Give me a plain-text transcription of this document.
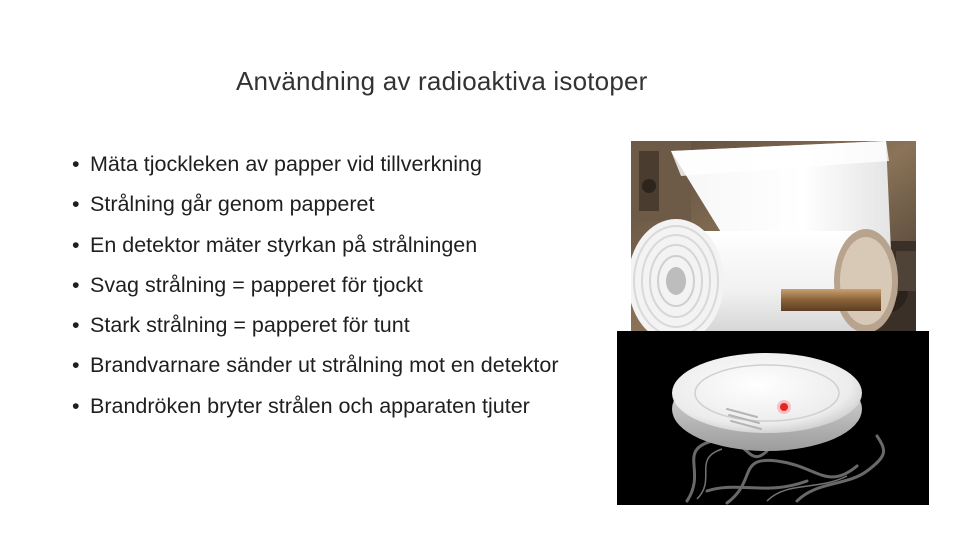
Användning av radioaktiva isotoper
• Mäta tjockleken av papper vid tillverkning
• Strålning går genom papperet
• En detektor mäter styrkan på strålningen
• Svag strålning = papperet för tjockt
• Stark strålning = papperet för tunt
• Brandvarnare sänder ut strålning mot en detektor
• Brandröken bryter strålen och apparaten tjuter
